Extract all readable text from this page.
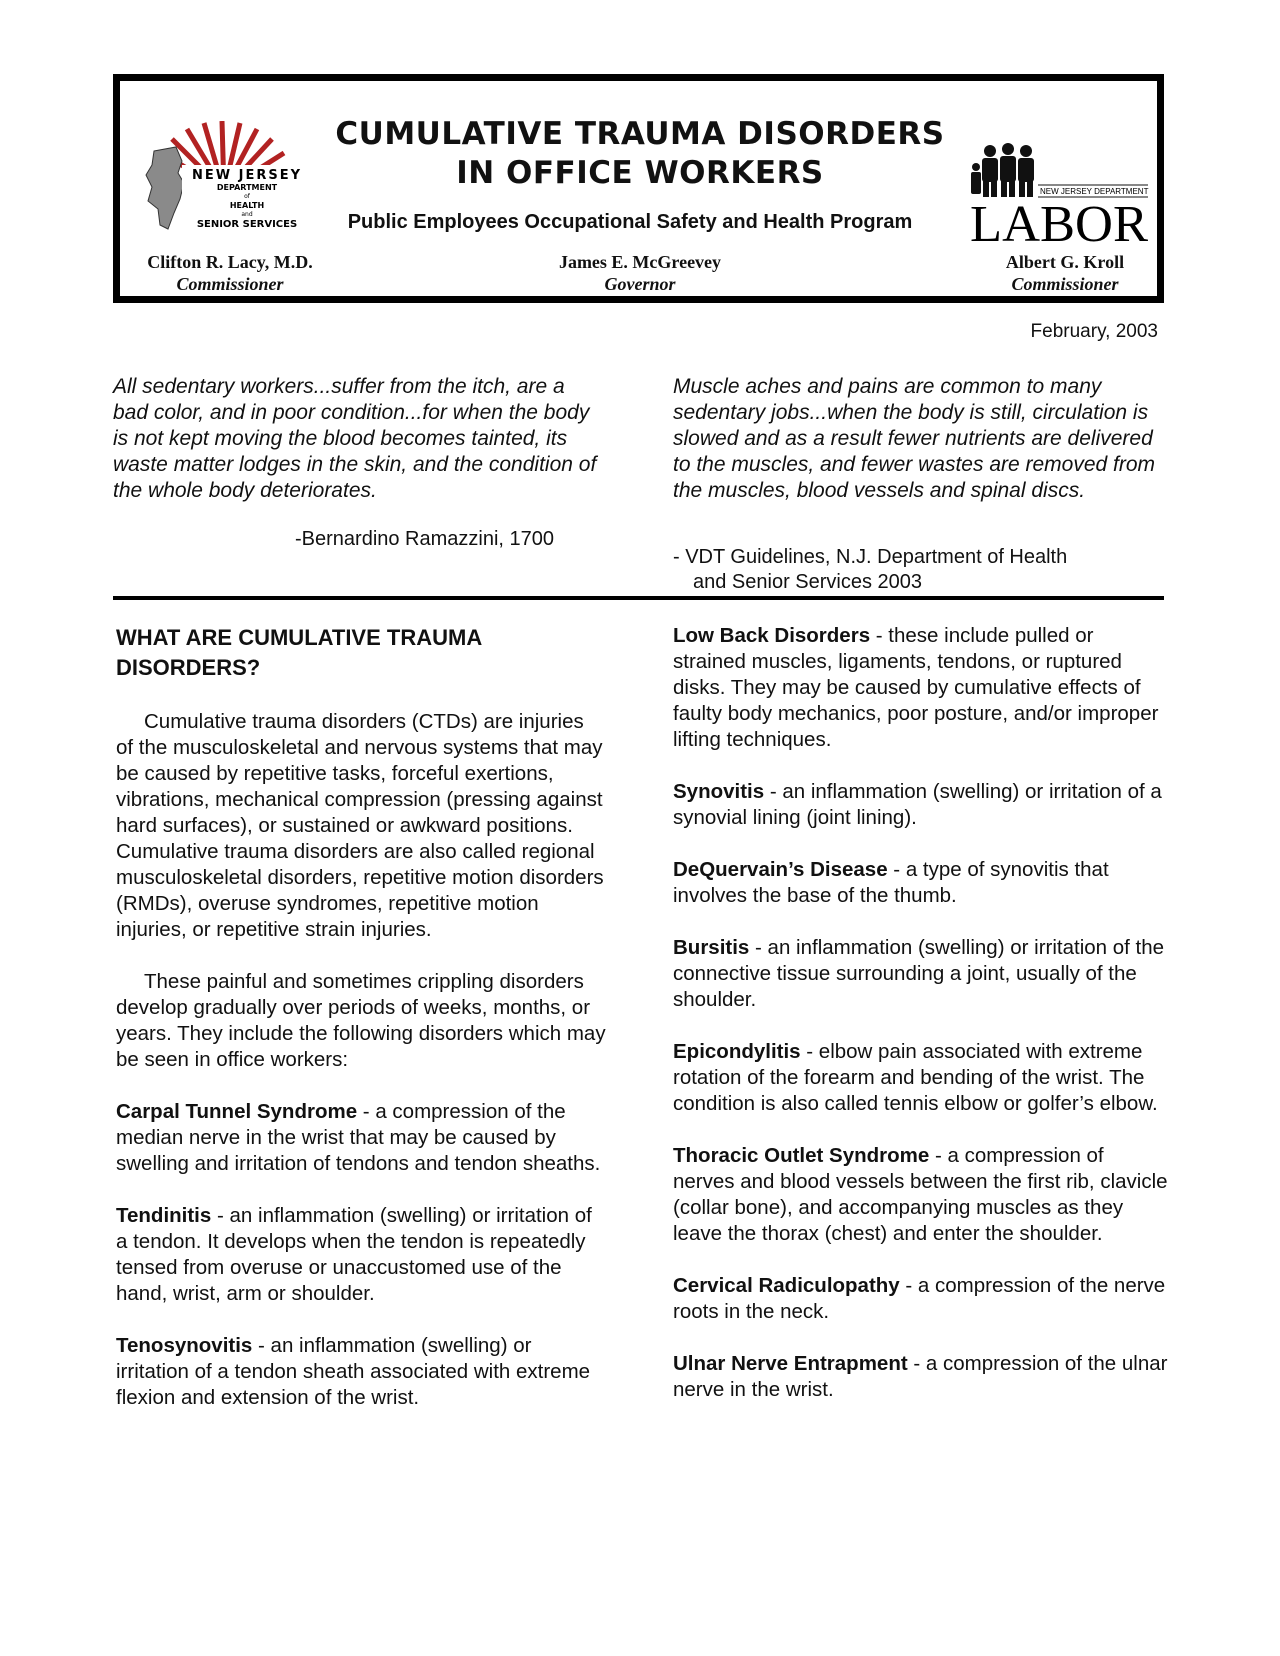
NEW JERSEY
DEPARTMENT
of
HEALTH
and
SENIOR SERVICES
CUMULATIVE TRAUMA DISORDERS
IN OFFICE WORKERS
Public Employees Occupational Safety and Health Program
NEW JERSEY DEPARTMENT
LABOR
Clifton R. Lacy, M.D.
Commissioner
James E. McGreevey
Governor
Albert G. Kroll
Commissioner
February, 2003
All sedentary workers...suffer from the itch, are a bad color, and in poor condition...for when the body is not kept moving the blood becomes tainted, its waste matter lodges in the skin, and the condition of the whole body deteriorates.
-Bernardino Ramazzini, 1700
Muscle aches and pains are common to many sedentary jobs...when the body is still, circulation is slowed and as a result fewer nutrients are delivered to the muscles, and fewer wastes are removed from the muscles, blood vessels and spinal discs.
- VDT Guidelines, N.J. Department of Health
and Senior Services 2003
WHAT ARE CUMULATIVE TRAUMA DISORDERS?

Cumulative trauma disorders (CTDs) are injuries of the musculoskeletal and nervous systems that may be caused by repetitive tasks, forceful exertions, vibrations, mechanical compression (pressing against hard surfaces), or sustained or awkward positions. Cumulative trauma disorders are also called regional musculoskeletal disorders, repetitive motion disorders (RMDs), overuse syndromes, repetitive motion injuries, or repetitive strain injuries.

These painful and sometimes crippling disorders develop gradually over periods of weeks, months, or years. They include the following disorders which may be seen in office workers:

Carpal Tunnel Syndrome - a compression of the median nerve in the wrist that may be caused by swelling and irritation of tendons and tendon sheaths.

Tendinitis - an inflammation (swelling) or irritation of a tendon. It develops when the tendon is repeatedly tensed from overuse or unaccustomed use of the hand, wrist, arm or shoulder.

Tenosynovitis - an inflammation (swelling) or irritation of a tendon sheath associated with extreme flexion and extension of the wrist.

Low Back Disorders - these include pulled or strained muscles, ligaments, tendons, or ruptured disks. They may be caused by cumulative effects of faulty body mechanics, poor posture, and/or improper lifting techniques.

Synovitis - an inflammation (swelling) or irritation of a synovial lining (joint lining).

DeQuervain’s Disease - a type of synovitis that involves the base of the thumb.

Bursitis - an inflammation (swelling) or irritation of the connective tissue surrounding a joint, usually of the shoulder.

Epicondylitis - elbow pain associated with extreme rotation of the forearm and bending of the wrist. The condition is also called tennis elbow or golfer’s elbow.

Thoracic Outlet Syndrome - a compression of nerves and blood vessels between the first rib, clavicle (collar bone), and accompanying muscles as they leave the thorax (chest) and enter the shoulder.

Cervical Radiculopathy - a compression of the nerve roots in the neck.

Ulnar Nerve Entrapment - a compression of the ulnar nerve in the wrist.
